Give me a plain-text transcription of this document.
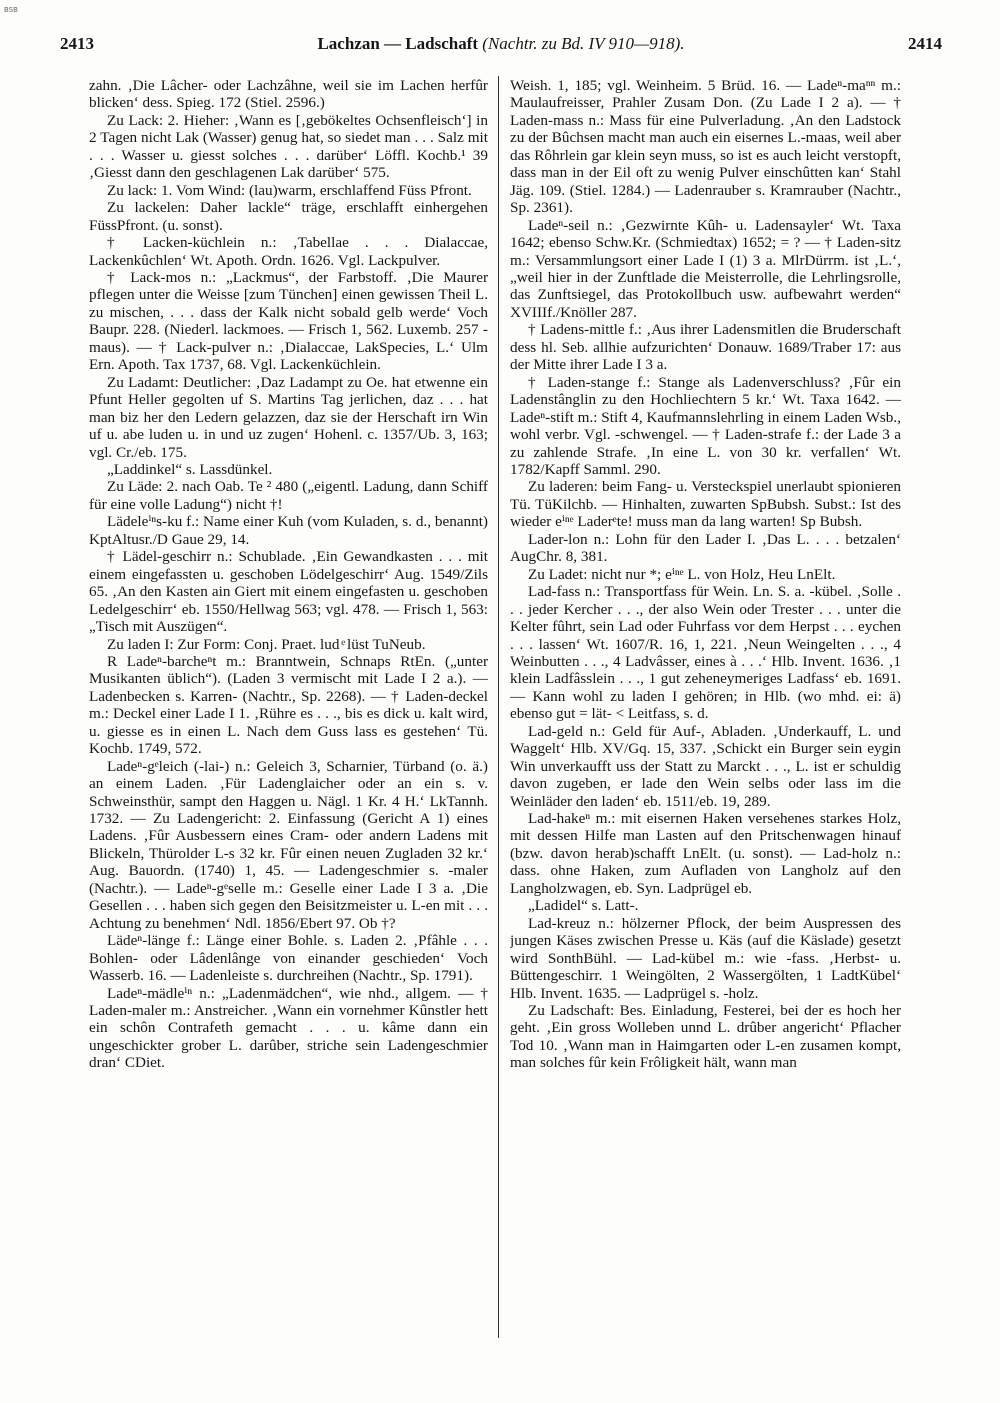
BSB
2413	Lachzan — Ladschaft (Nachtr. zu Bd. IV 910—918).	2414

zahn. ‚Die Lâcher- oder Lachzâhne, weil sie im Lachen herfûr blicken‘ dess. Spieg. 172 (Stiel. 2596.)

Zu Lack: 2. Hieher: ‚Wann es [‚gebökeltes Ochsenfleisch‘] in 2 Tagen nicht Lak (Wasser) genug hat, so siedet man . . . Salz mit . . . Wasser u. giesst solches . . . darüber‘ Löffl. Kochb.¹ 39 ‚Giesst dann den geschlagenen Lak darüber‘ 575.

Zu lack: 1. Vom Wind: (lau)warm, erschlaffend Füss Pfront.

Zu lackelen: Daher lackle“ träge, erschlafft einhergehen FüssPfront. (u. sonst).

† Lacken-küchlein n.: ‚Tabellae . . . Dialaccae, Lackenkûchlen‘ Wt. Apoth. Ordn. 1626. Vgl. Lackpulver.

† Lack-mos n.: „Lackmus“, der Farbstoff. ‚Die Maurer pflegen unter die Weisse [zum Tünchen] einen gewissen Theil L. zu mischen, . . . dass der Kalk nicht sobald gelb werde‘ Voch Baupr. 228. (Niederl. lackmoes. — Frisch 1, 562. Luxemb. 257 -maus). — † Lack-pulver n.: ‚Dialaccae, LakSpecies, L.‘ Ulm Ern. Apoth. Tax 1737, 68. Vgl. Lackenküchlein.

Zu Ladamt: Deutlicher: ‚Daz Ladampt zu Oe. hat etwenne ein Pfunt Heller gegolten uf S. Martins Tag jerlichen, daz . . . hat man biz her den Ledern gelazzen, daz sie der Herschaft irn Win uf u. abe luden u. in und uz zugen‘ Hohenl. c. 1357/Ub. 3, 163; vgl. Cr./eb. 175.

„Laddinkel“ s. Lassdünkel.

Zu Läde: 2. nach Oab. Te ² 480 („eigentl. Ladung, dann Schiff für eine volle Ladung“) nicht †!

Lädeleⁱⁿs-ku f.: Name einer Kuh (vom Kuladen, s. d., benannt) KptAltusr./D Gaue 29, 14.

† Lädel-geschirr n.: Schublade. ‚Ein Gewandkasten . . . mit einem eingefassten u. geschoben Lödelgeschirr‘ Aug. 1549/Zils 65. ‚An den Kasten ain Giert mit einem eingefasten u. geschoben Ledelgeschirr‘ eb. 1550/Hellwag 563; vgl. 478. — Frisch 1, 563: „Tisch mit Auszügen“.

Zu laden I: Zur Form: Conj. Praet. lud ͤ lüst TuNeub.

R Ladeⁿ-barcheⁿt m.: Branntwein, Schnaps RtEn. („unter Musikanten üblich“). (Laden 3 vermischt mit Lade I 2 a.). — Ladenbecken s. Karren- (Nachtr., Sp. 2268). — † Laden-deckel m.: Deckel einer Lade I 1. ‚Rühre es . . ., bis es dick u. kalt wird, u. giesse es in einen L. Nach dem Guss lass es gestehen‘ Tü. Kochb. 1749, 572.

Ladeⁿ-gᵉleich (-lai-) n.: Geleich 3, Scharnier, Türband (o. ä.) an einem Laden. ‚Für Ladenglaicher oder an ein s. v. Schweinsthür, sampt den Haggen u. Nägl. 1 Kr. 4 H.‘ LkTannh. 1732. — Zu Ladengericht: 2. Einfassung (Gericht A 1) eines Ladens. ‚Fûr Ausbessern eines Cram- oder andern Ladens mit Blickeln, Thürolder L-s 32 kr. Fûr einen neuen Zugladen 32 kr.‘ Aug. Bauordn. (1740) 1, 45. — Ladengeschmier s. -maler (Nachtr.). — Ladeⁿ-gᵉselle m.: Geselle einer Lade I 3 a. ‚Die Gesellen . . . haben sich gegen den Beisitzmeister u. L-en mit . . . Achtung zu benehmen‘ Ndl. 1856/Ebert 97. Ob †?

Lädeⁿ-länge f.: Länge einer Bohle. s. Laden 2. ‚Pfâhle . . . Bohlen- oder Lâdenlânge von einander geschieden‘ Voch Wasserb. 16. — Ladenleiste s. durchreihen (Nachtr., Sp. 1791).

Ladeⁿ-mädleⁱⁿ n.: „Ladenmädchen“, wie nhd., allgem. — † Laden-maler m.: Anstreicher. ‚Wann ein vornehmer Kûnstler hett ein schôn Contrafeth gemacht . . . u. kâme dann ein ungeschickter grober L. darûber, striche sein Ladengeschmier dran‘ CDiet.

Weish. 1, 185; vgl. Weinheim. 5 Brüd. 16. — Ladeⁿ-maⁿⁿ m.: Maulaufreisser, Prahler Zusam Don. (Zu Lade I 2 a). — † Laden-mass n.: Mass für eine Pulverladung. ‚An den Ladstock zu der Bûchsen macht man auch ein eisernes L.-maas, weil aber das Rôhrlein gar klein seyn muss, so ist es auch leicht verstopft, dass man in der Eil oft zu wenig Pulver einschûtten kan‘ Stahl Jäg. 109. (Stiel. 1284.) — Ladenrauber s. Kramrauber (Nachtr., Sp. 2361).

Ladeⁿ-seil n.: ‚Gezwirnte Kûh- u. Ladensayler‘ Wt. Taxa 1642; ebenso Schw.Kr. (Schmiedtax) 1652; = ? — † Laden-sitz m.: Versammlungsort einer Lade I (1) 3 a. MlrDürrm. ist ‚L.‘, „weil hier in der Zunftlade die Meisterrolle, die Lehrlingsrolle, das Zunftsiegel, das Protokollbuch usw. aufbewahrt werden“ XVIIIf./Knöller 287.

† Ladens-mittle f.: ‚Aus ihrer Ladensmitlen die Bruderschaft dess hl. Seb. allhie aufzurichten‘ Donauw. 1689/Traber 17: aus der Mitte ihrer Lade I 3 a.

† Laden-stange f.: Stange als Ladenverschluss? ‚Fûr ein Ladenstânglin zu den Hochliechtern 5 kr.‘ Wt. Taxa 1642. — Ladeⁿ-stift m.: Stift 4, Kaufmannslehrling in einem Laden Wsb., wohl verbr. Vgl. -schwengel. — † Laden-strafe f.: der Lade 3 a zu zahlende Strafe. ‚In eine L. von 30 kr. verfallen‘ Wt. 1782/Kapff Samml. 290.

Zu laderen: beim Fang- u. Versteckspiel unerlaubt spionieren Tü. TüKilchb. — Hinhalten, zuwarten SpBubsh. Subst.: Ist des wieder eⁱⁿᵉ Laderᵉte! muss man da lang warten! Sp Bubsh.

Lader-lon n.: Lohn für den Lader I. ‚Das L. . . . betzalen‘ AugChr. 8, 381.

Zu Ladet: nicht nur *; eⁱⁿᵉ L. von Holz, Heu LnElt.

Lad-fass n.: Transportfass für Wein. Ln. S. a. -kübel. ‚Solle . . . jeder Kercher . . ., der also Wein oder Trester . . . unter die Kelter fûhrt, sein Lad oder Fuhrfass vor dem Herpst . . . eychen . . . lassen‘ Wt. 1607/R. 16, 1, 221. ‚Neun Weingelten . . ., 4 Weinbutten . . ., 4 Ladvâsser, eines à . . .‘ Hlb. Invent. 1636. ‚1 klein Ladfâsslein . . ., 1 gut zeheneymeriges Ladfass‘ eb. 1691. — Kann wohl zu laden I gehören; in Hlb. (wo mhd. ei: ä) ebenso gut = lät- < Leitfass, s. d.

Lad-geld n.: Geld für Auf-, Abladen. ‚Underkauff, L. und Waggelt‘ Hlb. XV/Gq. 15, 337. ‚Schickt ein Burger sein eygin Win unverkaufft uss der Statt zu Marckt . . ., L. ist er schuldig davon zugeben, er lade den Wein selbs oder lass im die Weinläder den laden‘ eb. 1511/eb. 19, 289.

Lad-hakeⁿ m.: mit eisernen Haken versehenes starkes Holz, mit dessen Hilfe man Lasten auf den Pritschenwagen hinauf (bzw. davon herab)schafft LnElt. (u. sonst). — Lad-holz n.: dass. ohne Haken, zum Aufladen von Langholz auf den Langholzwagen, eb. Syn. Ladprügel eb.

„Ladidel“ s. Latt-.

Lad-kreuz n.: hölzerner Pflock, der beim Auspressen des jungen Käses zwischen Presse u. Käs (auf die Käslade) gesetzt wird SonthBühl. — Lad-kübel m.: wie -fass. ‚Herbst- u. Büttengeschirr. 1 Weingölten, 2 Wassergölten, 1 LadtKübel‘ Hlb. Invent. 1635. — Ladprügel s. -holz.

Zu Ladschaft: Bes. Einladung, Festerei, bei der es hoch her geht. ‚Ein gross Wolleben unnd L. drûber angericht‘ Pflacher Tod 10. ‚Wann man in Haimgarten oder L-en zusamen kompt, man solches fûr kein Frôligkeit hält, wann man
